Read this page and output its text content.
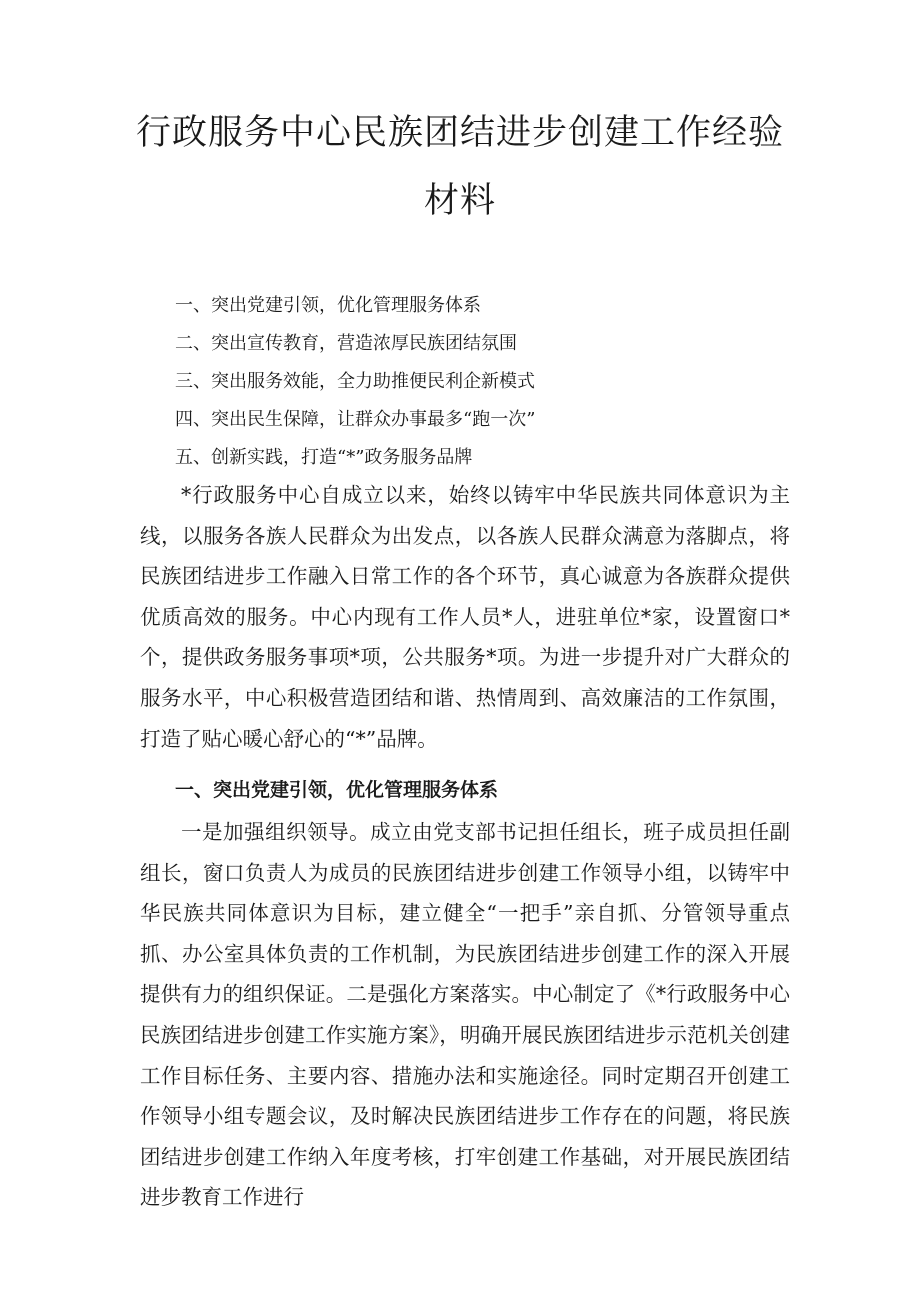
行政服务中心民族团结进步创建工作经验
材料
一、突出党建引领，优化管理服务体系
二、突出宣传教育，营造浓厚民族团结氛围
三、突出服务效能，全力助推便民利企新模式
四、突出民生保障，让群众办事最多“跑一次”
五、创新实践，打造“*”政务服务品牌

*行政服务中心自成立以来，始终以铸牢中华民族共同体意识为主线，以服务各族人民群众为出发点，以各族人民群众满意为落脚点，将民族团结进步工作融入日常工作的各个环节，真心诚意为各族群众提供优质高效的服务。中心内现有工作人员*人，进驻单位*家，设置窗口*个，提供政务服务事项*项，公共服务*项。为进一步提升对广大群众的服务水平，中心积极营造团结和谐、热情周到、高效廉洁的工作氛围，打造了贴心暖心舒心的“*”品牌。

一、突出党建引领，优化管理服务体系

一是加强组织领导。成立由党支部书记担任组长，班子成员担任副组长，窗口负责人为成员的民族团结进步创建工作领导小组，以铸牢中华民族共同体意识为目标，建立健全“一把手”亲自抓、分管领导重点抓、办公室具体负责的工作机制，为民族团结进步创建工作的深入开展提供有力的组织保证。二是强化方案落实。中心制定了《*行政服务中心民族团结进步创建工作实施方案》，明确开展民族团结进步示范机关创建工作目标任务、主要内容、措施办法和实施途径。同时定期召开创建工作领导小组专题会议，及时解决民族团结进步工作存在的问题，将民族团结进步创建工作纳入年度考核，打牢创建工作基础，对开展民族团结进步教育工作进行
